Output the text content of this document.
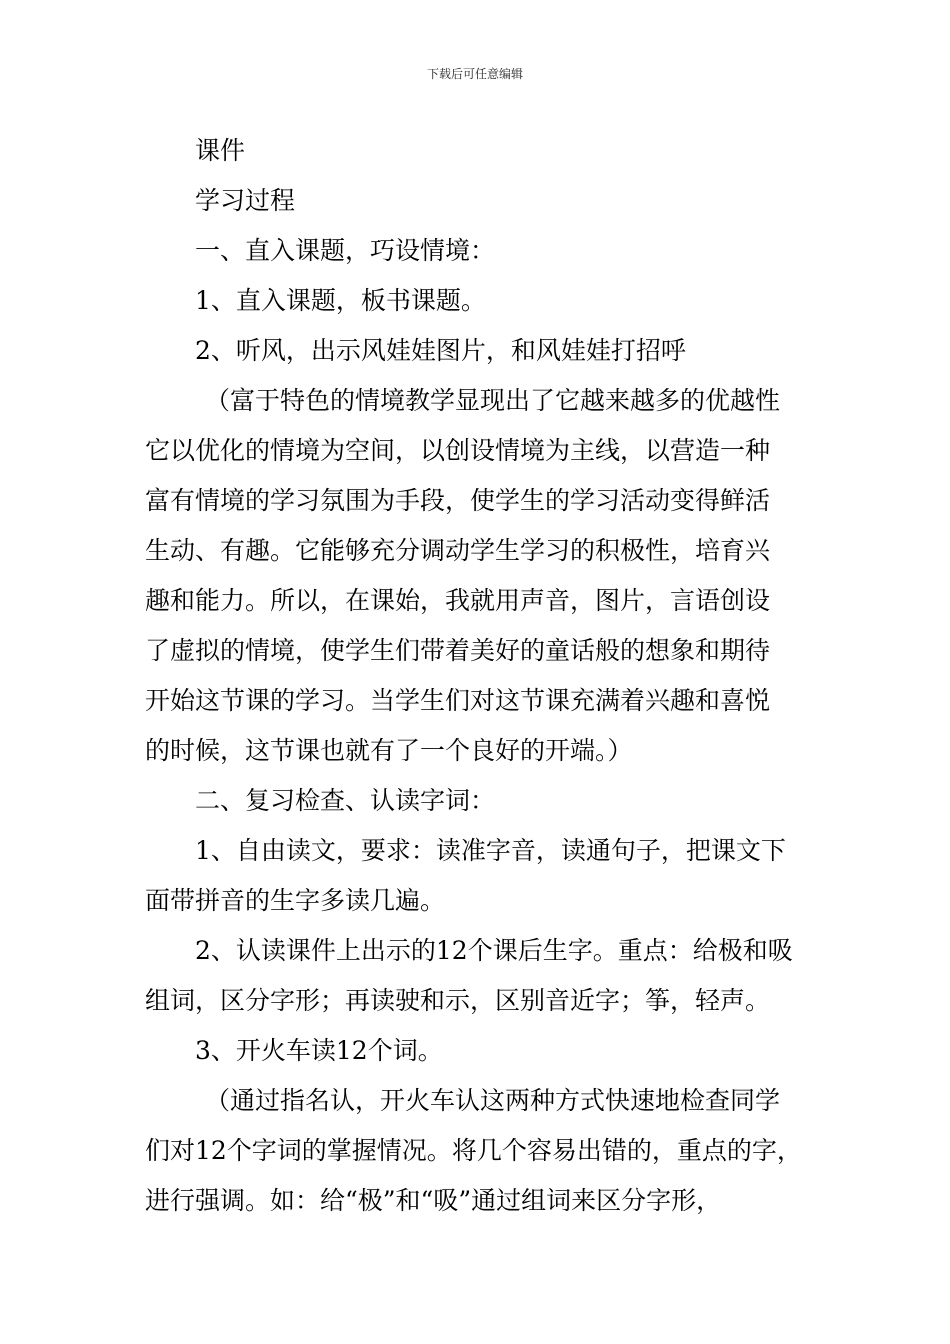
下载后可任意编辑
课件
学习过程
一、直入课题，巧设情境：
1、直入课题，板书课题。
2、听风，出示风娃娃图片，和风娃娃打招呼
（富于特色的情境教学显现出了它越来越多的优越性
它以优化的情境为空间，以创设情境为主线，以营造一种
富有情境的学习氛围为手段，使学生的学习活动变得鲜活
生动、有趣。它能够充分调动学生学习的积极性，培育兴
趣和能力。所以，在课始，我就用声音，图片，言语创设
了虚拟的情境，使学生们带着美好的童话般的想象和期待
开始这节课的学习。当学生们对这节课充满着兴趣和喜悦
的时候，这节课也就有了一个良好的开端。）
二、复习检查、认读字词：
1、自由读文，要求：读准字音，读通句子，把课文下
面带拼音的生字多读几遍。
2、认读课件上出示的12个课后生字。重点：给极和吸
组词，区分字形；再读驶和示，区别音近字；筝，轻声。
3、开火车读12个词。
（通过指名认，开火车认这两种方式快速地检查同学
们对12个字词的掌握情况。将几个容易出错的，重点的字，
进行强调。如：给“极”和“吸”通过组词来区分字形，
